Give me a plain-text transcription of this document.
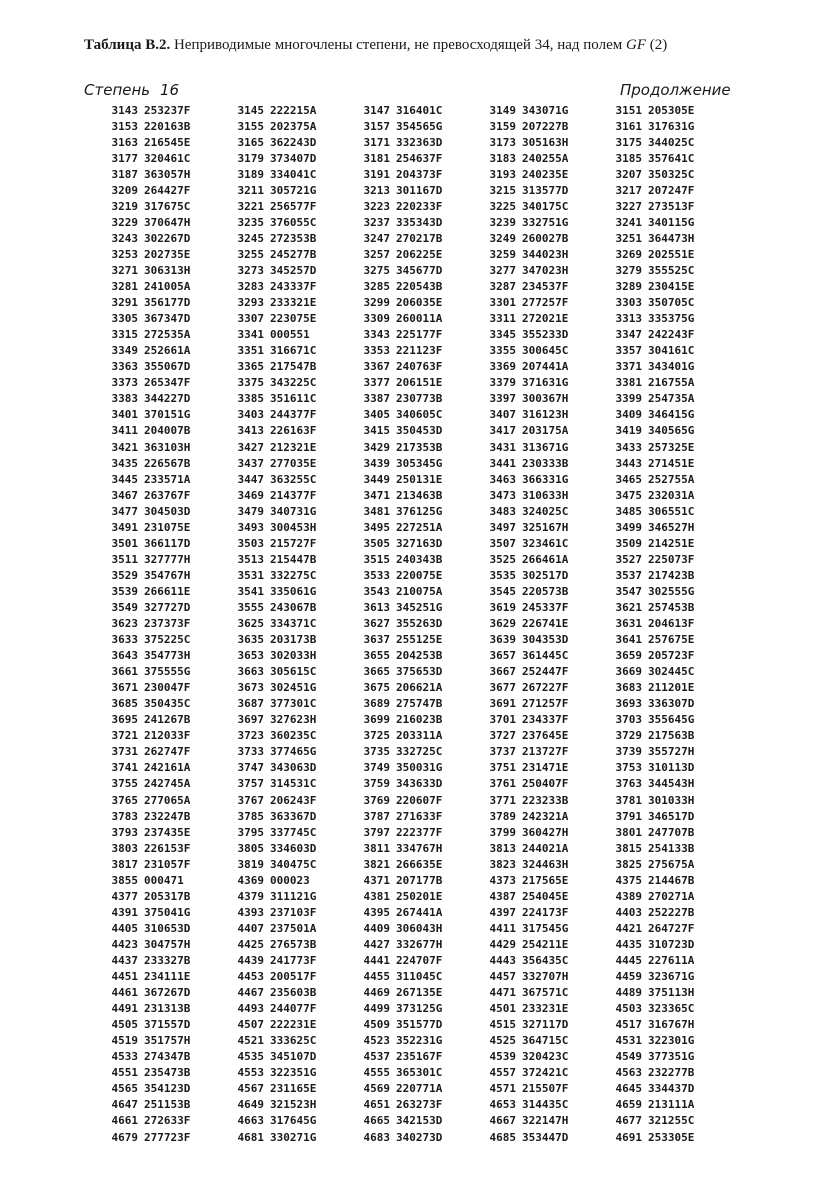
Таблица B.2. Неприводимые многочлены степени, не превосходящей 34, над полем GF (2)
Степень 16	Продолжение
3143 253237F	3145 222215A	3147 316401C	3149 343071G	3151 205305E
3153 220163B	3155 202375A	3157 354565G	3159 207227B	3161 317631G
3163 216545E	3165 362243D	3171 332363D	3173 305163H	3175 344025C
3177 320461C	3179 373407D	3181 254637F	3183 240255A	3185 357641C
3187 363057H	3189 334041C	3191 204373F	3193 240235E	3207 350325C
3209 264427F	3211 305721G	3213 301167D	3215 313577D	3217 207247F
3219 317675C	3221 256577F	3223 220233F	3225 340175C	3227 273513F
3229 370647H	3235 376055C	3237 335343D	3239 332751G	3241 340115G
3243 302267D	3245 272353B	3247 270217B	3249 260027B	3251 364473H
3253 202735E	3255 245277B	3257 206225E	3259 344023H	3269 202551E
3271 306313H	3273 345257D	3275 345677D	3277 347023H	3279 355525C
3281 241005A	3283 243337F	3285 220543B	3287 234537F	3289 230415E
3291 356177D	3293 233321E	3299 206035E	3301 277257F	3303 350705C
3305 367347D	3307 223075E	3309 260011A	3311 272021E	3313 335375G
3315 272535A	3341 000551	3343 225177F	3345 355233D	3347 242243F
3349 252661A	3351 316671C	3353 221123F	3355 300645C	3357 304161C
3363 355067D	3365 217547B	3367 240763F	3369 207441A	3371 343401G
3373 265347F	3375 343225C	3377 206151E	3379 371631G	3381 216755A
3383 344227D	3385 351611C	3387 230773B	3397 300367H	3399 254735A
3401 370151G	3403 244377F	3405 340605C	3407 316123H	3409 346415G
3411 204007B	3413 226163F	3415 350453D	3417 203175A	3419 340565G
3421 363103H	3427 212321E	3429 217353B	3431 313671G	3433 257325E
3435 226567B	3437 277035E	3439 305345G	3441 230333B	3443 271451E
3445 233571A	3447 363255C	3449 250131E	3463 366331G	3465 252755A
3467 263767F	3469 214377F	3471 213463B	3473 310633H	3475 232031A
3477 304503D	3479 340731G	3481 376125G	3483 324025C	3485 306551C
3491 231075E	3493 300453H	3495 227251A	3497 325167H	3499 346527H
3501 366117D	3503 215727F	3505 327163D	3507 323461C	3509 214251E
3511 327777H	3513 215447B	3515 240343B	3525 266461A	3527 225073F
3529 354767H	3531 332275C	3533 220075E	3535 302517D	3537 217423B
3539 266611E	3541 335061G	3543 210075A	3545 220573B	3547 302555G
3549 327727D	3555 243067B	3613 345251G	3619 245337F	3621 257453B
3623 237373F	3625 334371C	3627 355263D	3629 226741E	3631 204613F
3633 375225C	3635 203173B	3637 255125E	3639 304353D	3641 257675E
3643 354773H	3653 302033H	3655 204253B	3657 361445C	3659 205723F
3661 375555G	3663 305615C	3665 375653D	3667 252447F	3669 302445C
3671 230047F	3673 302451G	3675 206621A	3677 267227F	3683 211201E
3685 350435C	3687 377301C	3689 275747B	3691 271257F	3693 336307D
3695 241267B	3697 327623H	3699 216023B	3701 234337F	3703 355645G
3721 212033F	3723 360235C	3725 203311A	3727 237645E	3729 217563B
3731 262747F	3733 377465G	3735 332725C	3737 213727F	3739 355727H
3741 242161A	3747 343063D	3749 350031G	3751 231471E	3753 310113D
3755 242745A	3757 314531C	3759 343633D	3761 250407F	3763 344543H
3765 277065A	3767 206243F	3769 220607F	3771 223233B	3781 301033H
3783 232247B	3785 363367D	3787 271633F	3789 242321A	3791 346517D
3793 237435E	3795 337745C	3797 222377F	3799 360427H	3801 247707B
3803 226153F	3805 334603D	3811 334767H	3813 244021A	3815 254133B
3817 231057F	3819 340475C	3821 266635E	3823 324463H	3825 275675A
3855 000471	4369 000023	4371 207177B	4373 217565E	4375 214467B
4377 205317B	4379 311121G	4381 250201E	4387 254045E	4389 270271A
4391 375041G	4393 237103F	4395 267441A	4397 224173F	4403 252227B
4405 310653D	4407 237501A	4409 306043H	4411 317545G	4421 264727F
4423 304757H	4425 276573B	4427 332677H	4429 254211E	4435 310723D
4437 233327B	4439 241773F	4441 224707F	4443 356435C	4445 227611A
4451 234111E	4453 200517F	4455 311045C	4457 332707H	4459 323671G
4461 367267D	4467 235603B	4469 267135E	4471 367571C	4489 375113H
4491 231313B	4493 244077F	4499 373125G	4501 233231E	4503 323365C
4505 371557D	4507 222231E	4509 351577D	4515 327117D	4517 316767H
4519 351757H	4521 333625C	4523 352231G	4525 364715C	4531 322301G
4533 274347B	4535 345107D	4537 235167F	4539 320423C	4549 377351G
4551 235473B	4553 322351G	4555 365301C	4557 372421C	4563 232277B
4565 354123D	4567 231165E	4569 220771A	4571 215507F	4645 334437D
4647 251153B	4649 321523H	4651 263273F	4653 314435C	4659 213111A
4661 272633F	4663 317645G	4665 342153D	4667 322147H	4677 321255C
4679 277723F	4681 330271G	4683 340273D	4685 353447D	4691 253305E
